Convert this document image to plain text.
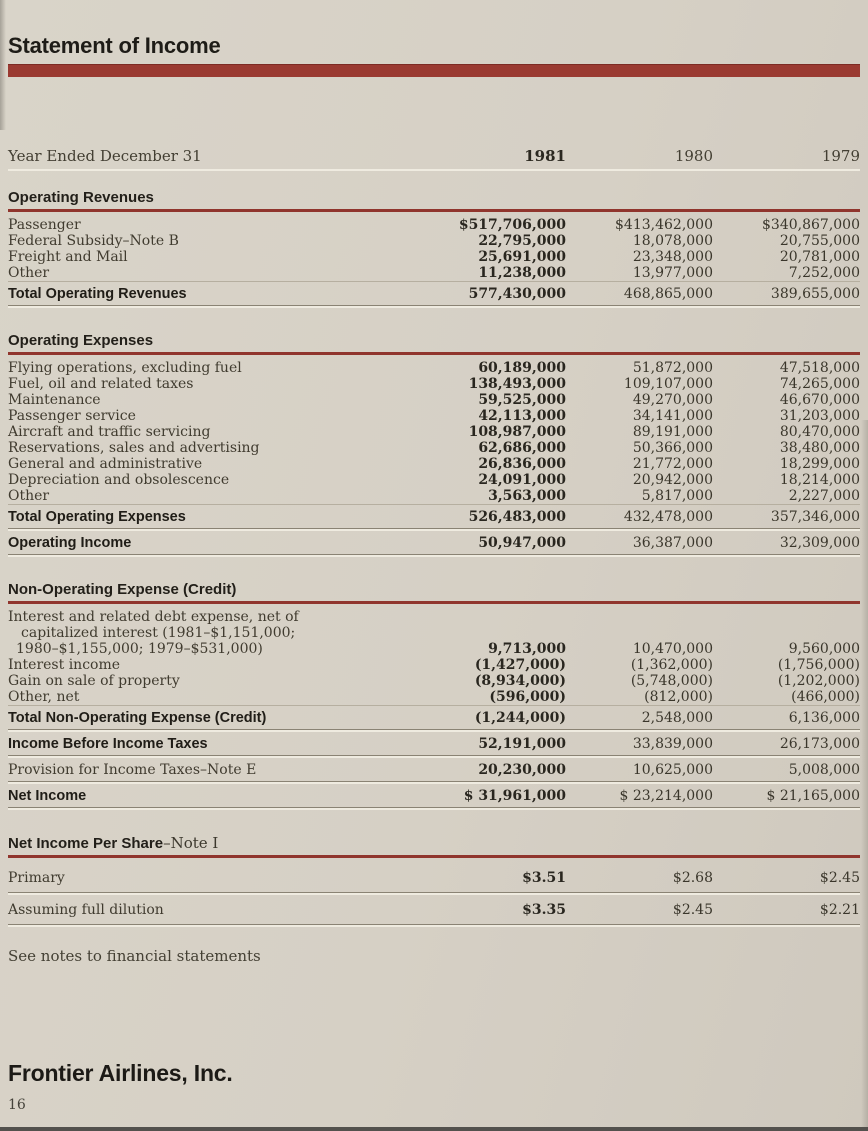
Statement of Income
Year Ended December 31	1981	1980	1979
Operating Revenues
Passenger	$517,706,000	$413,462,000	$340,867,000
Federal Subsidy–Note B	22,795,000	18,078,000	20,755,000
Freight and Mail	25,691,000	23,348,000	20,781,000
Other	11,238,000	13,977,000	7,252,000
Total Operating Revenues	577,430,000	468,865,000	389,655,000
Operating Expenses
Flying operations, excluding fuel	60,189,000	51,872,000	47,518,000
Fuel, oil and related taxes	138,493,000	109,107,000	74,265,000
Maintenance	59,525,000	49,270,000	46,670,000
Passenger service	42,113,000	34,141,000	31,203,000
Aircraft and traffic servicing	108,987,000	89,191,000	80,470,000
Reservations, sales and advertising	62,686,000	50,366,000	38,480,000
General and administrative	26,836,000	21,772,000	18,299,000
Depreciation and obsolescence	24,091,000	20,942,000	18,214,000
Other	3,563,000	5,817,000	2,227,000
Total Operating Expenses	526,483,000	432,478,000	357,346,000
Operating Income	50,947,000	36,387,000	32,309,000
Non-Operating Expense (Credit)
Interest and related debt expense, net of
capitalized interest (1981–$1,151,000;
1980–$1,155,000; 1979–$531,000)	9,713,000	10,470,000	9,560,000
Interest income	(1,427,000)	(1,362,000)	(1,756,000)
Gain on sale of property	(8,934,000)	(5,748,000)	(1,202,000)
Other, net	(596,000)	(812,000)	(466,000)
Total Non-Operating Expense (Credit)	(1,244,000)	2,548,000	6,136,000
Income Before Income Taxes	52,191,000	33,839,000	26,173,000
Provision for Income Taxes–Note E	20,230,000	10,625,000	5,008,000
Net Income	$ 31,961,000	$ 23,214,000	$ 21,165,000
Net Income Per Share–Note I
Primary	$3.51	$2.68	$2.45
Assuming full dilution	$3.35	$2.45	$2.21

See notes to financial statements

Frontier Airlines, Inc.
16
